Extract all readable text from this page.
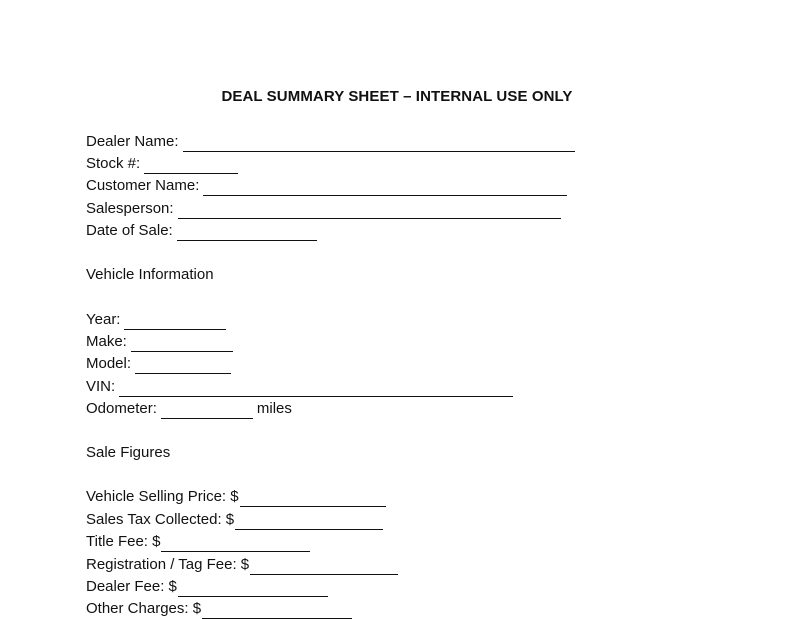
DEAL SUMMARY SHEET – INTERNAL USE ONLY
Dealer Name:
Stock #:
Customer Name:
Salesperson:
Date of Sale:
Vehicle Information
Year:
Make:
Model:
VIN:
Odometer:	miles
Sale Figures
Vehicle Selling Price: $
Sales Tax Collected: $
Title Fee: $
Registration / Tag Fee: $
Dealer Fee: $
Other Charges: $
